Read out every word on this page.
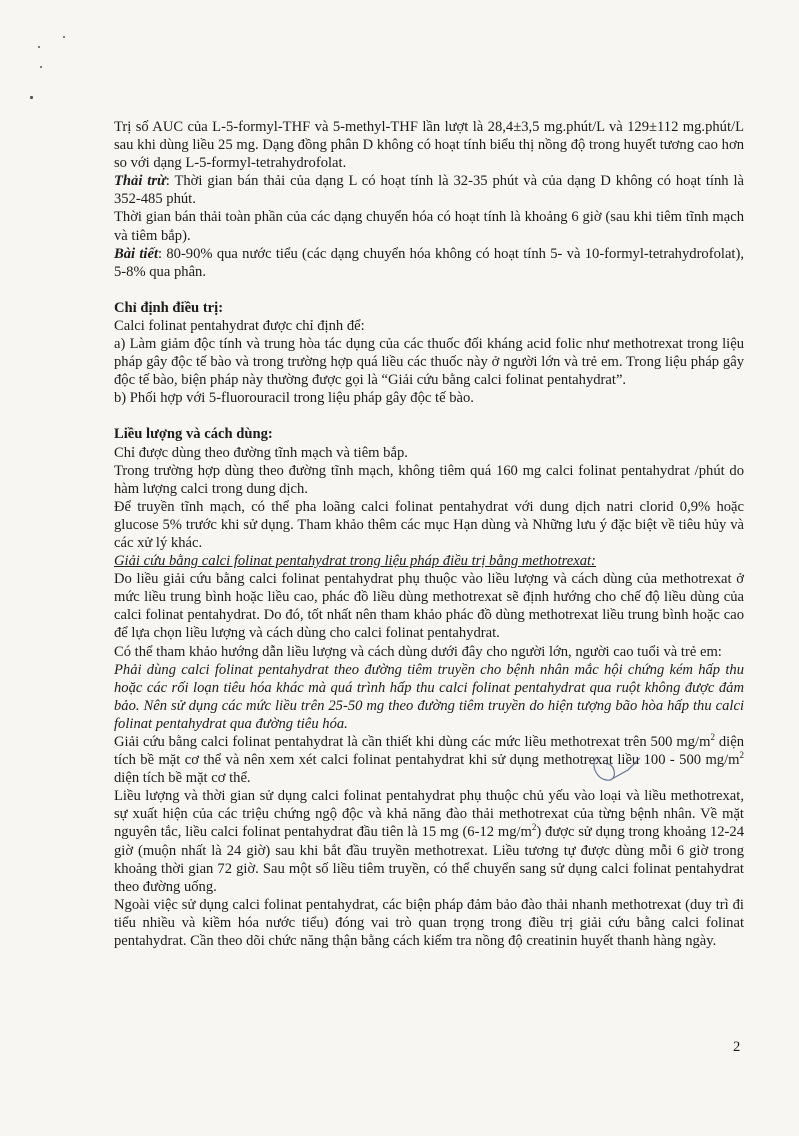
Trị số AUC của L-5-formyl-THF và 5-methyl-THF lần lượt là 28,4±3,5 mg.phút/L và 129±112 mg.phút/L sau khi dùng liều 25 mg. Dạng đồng phân D không có hoạt tính biểu thị nồng độ trong huyết tương cao hơn so với dạng L-5-formyl-tetrahydrofolat.

Thải trừ: Thời gian bán thải của dạng L có hoạt tính là 32-35 phút và của dạng D không có hoạt tính là 352-485 phút.

Thời gian bán thải toàn phần của các dạng chuyển hóa có hoạt tính là khoảng 6 giờ (sau khi tiêm tĩnh mạch và tiêm bắp).

Bài tiết: 80-90% qua nước tiểu (các dạng chuyển hóa không có hoạt tính 5- và 10-formyl-tetrahydrofolat), 5-8% qua phân.

Chỉ định điều trị:

Calci folinat pentahydrat được chỉ định để:

a) Làm giảm độc tính và trung hòa tác dụng của các thuốc đối kháng acid folic như methotrexat trong liệu pháp gây độc tế bào và trong trường hợp quá liều các thuốc này ở người lớn và trẻ em. Trong liệu pháp gây độc tế bào, biện pháp này thường được gọi là “Giải cứu bằng calci folinat pentahydrat”.

b) Phối hợp với 5-fluorouracil trong liệu pháp gây độc tế bào.

Liều lượng và cách dùng:

Chỉ được dùng theo đường tĩnh mạch và tiêm bắp.

Trong trường hợp dùng theo đường tĩnh mạch, không tiêm quá 160 mg calci folinat pentahydrat /phút do hàm lượng calci trong dung dịch.

Để truyền tĩnh mạch, có thể pha loãng calci folinat pentahydrat với dung dịch natri clorid 0,9% hoặc glucose 5% trước khi sử dụng. Tham khảo thêm các mục Hạn dùng và Những lưu ý đặc biệt về tiêu hủy và các xử lý khác.

Giải cứu bằng calci folinat pentahydrat trong liệu pháp điều trị bằng methotrexat:

Do liều giải cứu bằng calci folinat pentahydrat phụ thuộc vào liều lượng và cách dùng của methotrexat ở mức liều trung bình hoặc liều cao, phác đồ liều dùng methotrexat sẽ định hướng cho chế độ liều dùng của calci folinat pentahydrat. Do đó, tốt nhất nên tham khảo phác đồ dùng methotrexat liều trung bình hoặc cao để lựa chọn liều lượng và cách dùng cho calci folinat pentahydrat.

Có thể tham khảo hướng dẫn liều lượng và cách dùng dưới đây cho người lớn, người cao tuổi và trẻ em:

Phải dùng calci folinat pentahydrat theo đường tiêm truyền cho bệnh nhân mắc hội chứng kém hấp thu hoặc các rối loạn tiêu hóa khác mà quá trình hấp thu calci folinat pentahydrat qua ruột không được đảm bảo. Nên sử dụng các mức liều trên 25-50 mg theo đường tiêm truyền do hiện tượng bão hòa hấp thu calci folinat pentahydrat qua đường tiêu hóa.

Giải cứu bằng calci folinat pentahydrat là cần thiết khi dùng các mức liều methotrexat trên 500 $mg/m^2$ diện tích bề mặt cơ thể và nên xem xét calci folinat pentahydrat khi sử dụng methotrexat liều 100 - 500 $mg/m^2$ diện tích bề mặt cơ thể.

Liều lượng và thời gian sử dụng calci folinat pentahydrat phụ thuộc chủ yếu vào loại và liều methotrexat, sự xuất hiện của các triệu chứng ngộ độc và khả năng đào thải methotrexat của từng bệnh nhân. Về mặt nguyên tắc, liều calci folinat pentahydrat đầu tiên là 15 mg (6-12 $mg/m^2$) được sử dụng trong khoảng 12-24 giờ (muộn nhất là 24 giờ) sau khi bắt đầu truyền methotrexat. Liều tương tự được dùng mỗi 6 giờ trong khoảng thời gian 72 giờ. Sau một số liều tiêm truyền, có thể chuyển sang sử dụng calci folinat pentahydrat theo đường uống.

Ngoài việc sử dụng calci folinat pentahydrat, các biện pháp đảm bảo đào thải nhanh methotrexat (duy trì đi tiểu nhiều và kiềm hóa nước tiểu) đóng vai trò quan trọng trong điều trị giải cứu bằng calci folinat pentahydrat. Cần theo dõi chức năng thận bằng cách kiểm tra nồng độ creatinin huyết thanh hàng ngày.

2
